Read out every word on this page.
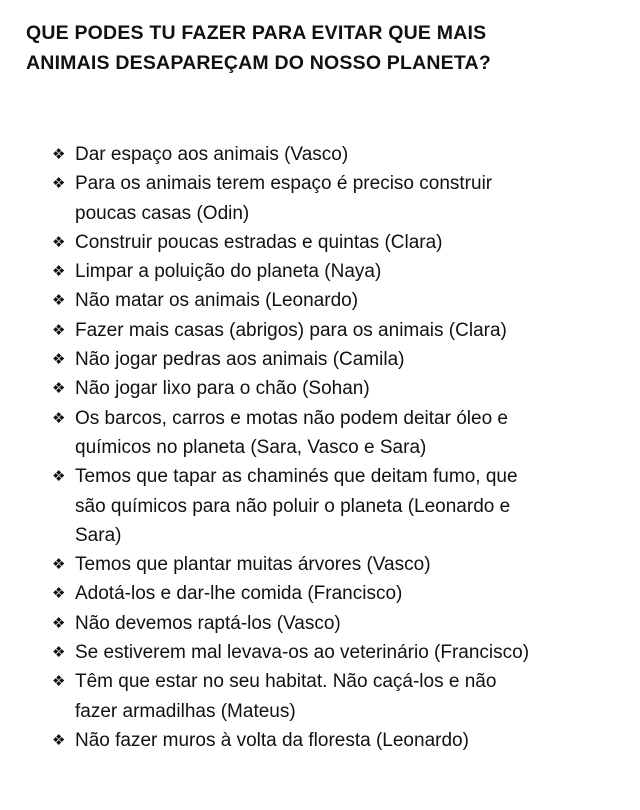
QUE PODES TU FAZER PARA EVITAR QUE MAIS
ANIMAIS DESAPAREÇAM DO NOSSO PLANETA?
❖ Dar espaço aos animais (Vasco)
❖ Para os animais terem espaço é preciso construir
poucas casas (Odin)
❖ Construir poucas estradas e quintas (Clara)
❖ Limpar a poluição do planeta (Naya)
❖ Não matar os animais (Leonardo)
❖ Fazer mais casas (abrigos) para os animais (Clara)
❖ Não jogar pedras aos animais (Camila)
❖ Não jogar lixo para o chão (Sohan)
❖ Os barcos, carros e motas não podem deitar óleo e
químicos no planeta (Sara, Vasco e Sara)
❖ Temos que tapar as chaminés que deitam fumo, que
são químicos para não poluir o planeta (Leonardo e
Sara)
❖ Temos que plantar muitas árvores (Vasco)
❖ Adotá-los e dar-lhe comida (Francisco)
❖ Não devemos raptá-los (Vasco)
❖ Se estiverem mal levava-os ao veterinário (Francisco)
❖ Têm que estar no seu habitat. Não caçá-los e não
fazer armadilhas (Mateus)
❖ Não fazer muros à volta da floresta (Leonardo)
